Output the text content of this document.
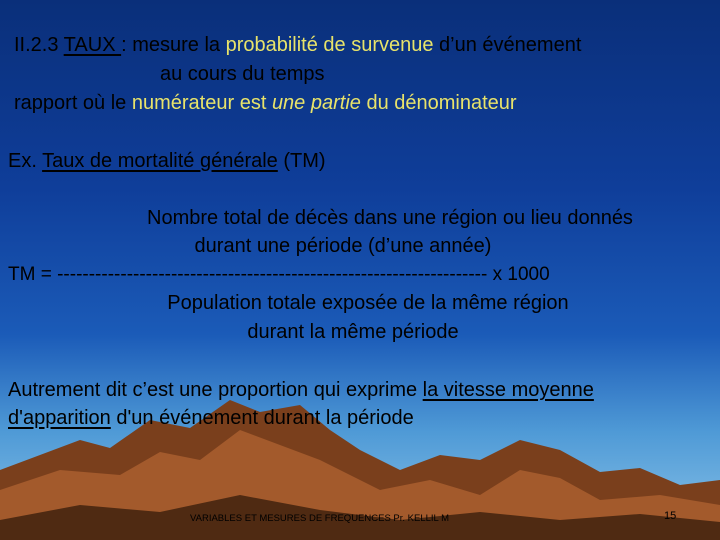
II.2.3 TAUX : mesure la probabilité de survenue d’un événement
au cours du temps
rapport où le numérateur est une partie du dénominateur
Ex. Taux de mortalité générale (TM)
Nombre total de décès dans une région ou lieu donnés
durant une période (d’une année)
TM = -------------------------------------------------------------------- x 1000
Population totale exposée de la même région
durant la même période
Autrement dit c’est une proportion qui exprime la vitesse moyenne
d'apparition d'un événement durant la période
VARIABLES ET MESURES DE FREQUENCES Pr. KELLIL M	15
